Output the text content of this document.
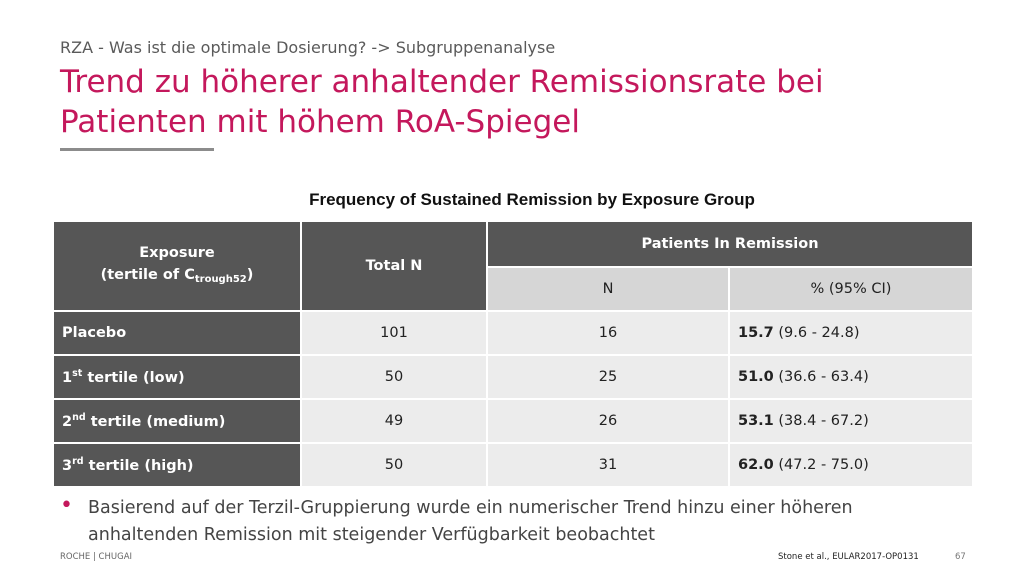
RZA - Was ist die optimale Dosierung? -> Subgruppenanalyse
Trend zu höherer anhaltender Remissionsrate bei
Patienten mit höhem RoA-Spiegel
Frequency of Sustained Remission by Exposure Group
Exposure
(tertile of $C_{trough52}$)	Total N	Patients In Remission	
		N	% (95% CI)
Placebo	101	16	15.7 (9.6 - 24.8)
1st tertile (low)	50	25	51.0 (36.6 - 63.4)
2nd tertile (medium)	49	26	53.1 (38.4 - 67.2)
3rd tertile (high)	50	31	62.0 (47.2 - 75.0)
• Basierend auf der Terzil-Gruppierung wurde ein numerischer Trend hinzu einer höheren anhaltenden Remission mit steigender Verfügbarkeit beobachtet
ROCHE | CHUGAI	Stone et al., EULAR2017-OP0131	67
